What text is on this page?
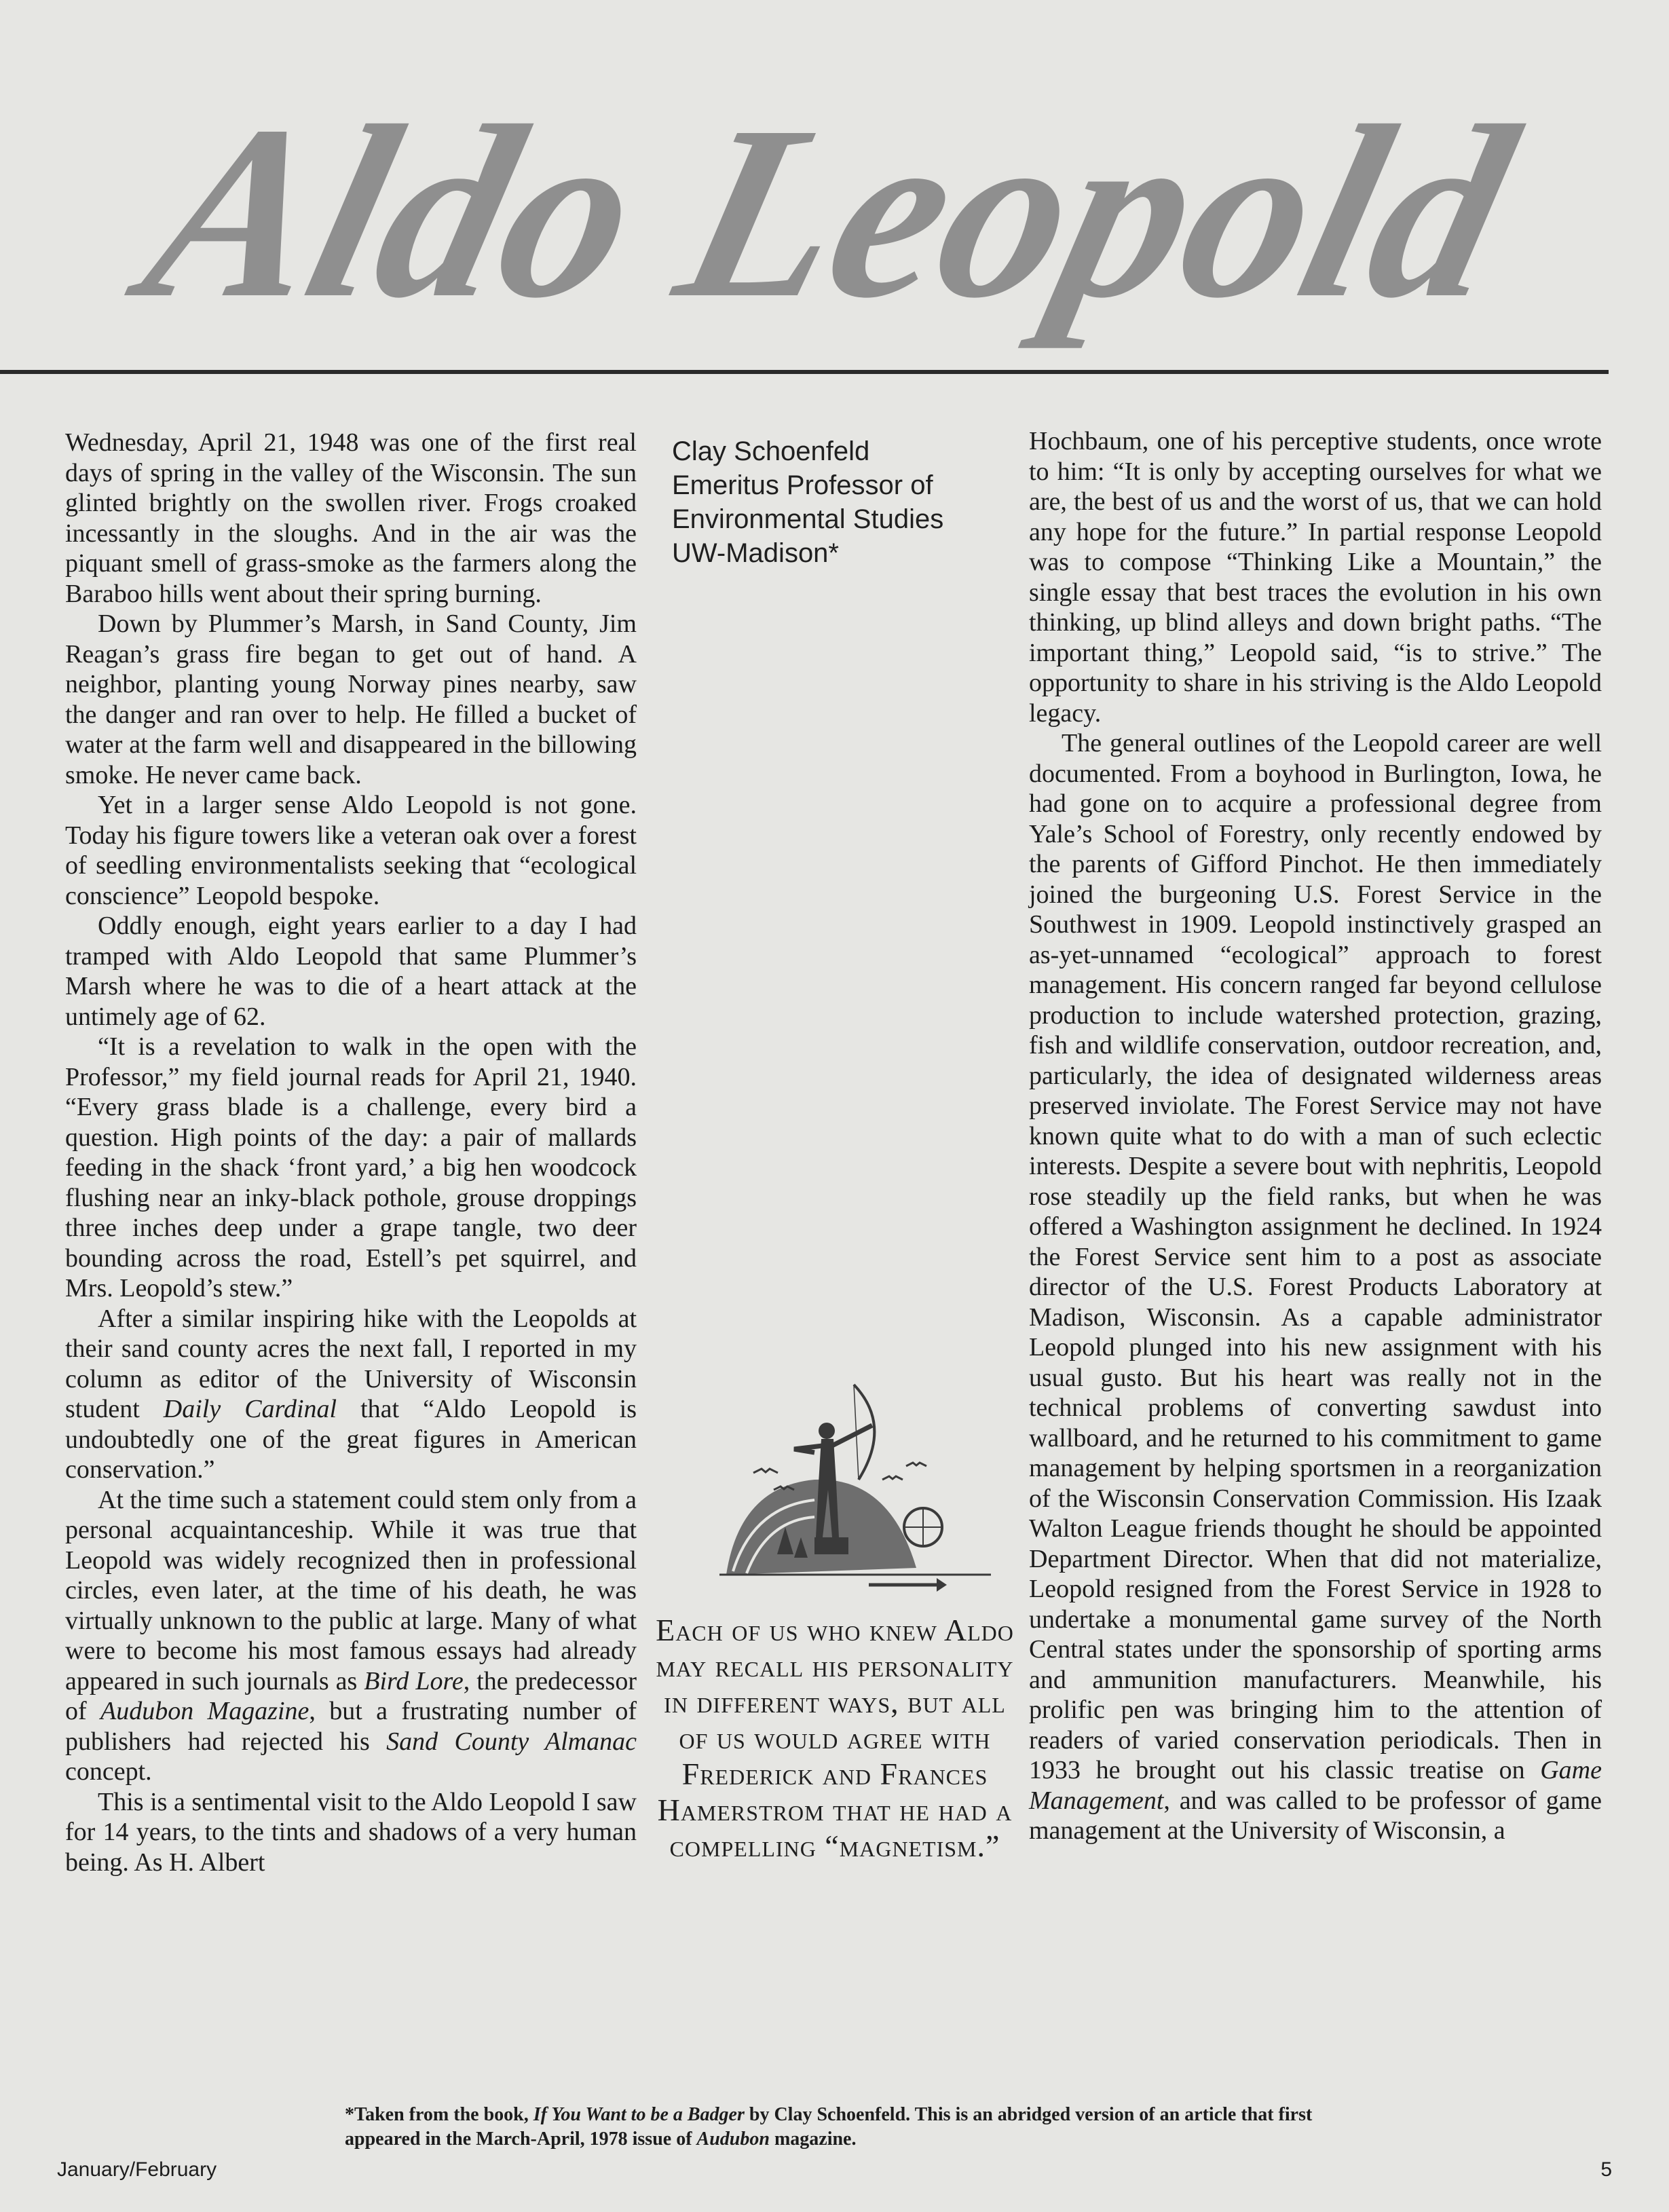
Aldo Leopold

Wednesday, April 21, 1948 was one of the first real days of spring in the valley of the Wisconsin. The sun glinted brightly on the swollen river. Frogs croaked incessantly in the sloughs. And in the air was the piquant smell of grass-smoke as the farmers along the Baraboo hills went about their spring burning.

Down by Plummer’s Marsh, in Sand County, Jim Reagan’s grass fire began to get out of hand. A neighbor, planting young Norway pines nearby, saw the danger and ran over to help. He filled a bucket of water at the farm well and disappeared in the billowing smoke. He never came back.

Yet in a larger sense Aldo Leopold is not gone. Today his figure towers like a veteran oak over a forest of seedling environmentalists seeking that “ecological conscience” Leopold bespoke.

Oddly enough, eight years earlier to a day I had tramped with Aldo Leopold that same Plummer’s Marsh where he was to die of a heart attack at the untimely age of 62.

“It is a revelation to walk in the open with the Professor,” my field journal reads for April 21, 1940. “Every grass blade is a challenge, every bird a question. High points of the day: a pair of mallards feeding in the shack ‘front yard,’ a big hen woodcock flushing near an inky-black pothole, grouse droppings three inches deep under a grape tangle, two deer bounding across the road, Estell’s pet squirrel, and Mrs. Leopold’s stew.”

After a similar inspiring hike with the Leopolds at their sand county acres the next fall, I reported in my column as editor of the University of Wisconsin student Daily Cardinal that “Aldo Leopold is undoubtedly one of the great figures in American conservation.”

At the time such a statement could stem only from a personal acquaintanceship. While it was true that Leopold was widely recognized then in professional circles, even later, at the time of his death, he was virtually unknown to the public at large. Many of what were to become his most famous essays had already appeared in such journals as Bird Lore, the predecessor of Audubon Magazine, but a frustrating number of publishers had rejected his Sand County Almanac concept.

This is a sentimental visit to the Aldo Leopold I saw for 14 years, to the tints and shadows of a very human being. As H. Albert

Clay Schoenfeld
Emeritus Professor of
Environmental Studies
UW-Madison*
Each of us who knew Aldo may recall his personality in different ways, but all of us would agree with Frederick and Frances Hamerstrom that he had a compelling “magnetism.”

Hochbaum, one of his perceptive students, once wrote to him: “It is only by accepting ourselves for what we are, the best of us and the worst of us, that we can hold any hope for the future.” In partial response Leopold was to compose “Thinking Like a Mountain,” the single essay that best traces the evolution in his own thinking, up blind alleys and down bright paths. “The important thing,” Leopold said, “is to strive.” The opportunity to share in his striving is the Aldo Leopold legacy.

The general outlines of the Leopold career are well documented. From a boyhood in Burlington, Iowa, he had gone on to acquire a professional degree from Yale’s School of Forestry, only recently endowed by the parents of Gifford Pinchot. He then immediately joined the burgeoning U.S. Forest Service in the Southwest in 1909. Leopold instinctively grasped an as-yet-unnamed “ecological” approach to forest management. His concern ranged far beyond cellulose production to include watershed protection, grazing, fish and wildlife conservation, outdoor recreation, and, particularly, the idea of designated wilderness areas preserved inviolate. The Forest Service may not have known quite what to do with a man of such eclectic interests. Despite a severe bout with nephritis, Leopold rose steadily up the field ranks, but when he was offered a Washington assignment he declined. In 1924 the Forest Service sent him to a post as associate director of the U.S. Forest Products Laboratory at Madison, Wisconsin. As a capable administrator Leopold plunged into his new assignment with his usual gusto. But his heart was really not in the technical problems of converting sawdust into wallboard, and he returned to his commitment to game management by helping sportsmen in a reorganization of the Wisconsin Conservation Commission. His Izaak Walton League friends thought he should be appointed Department Director. When that did not materialize, Leopold resigned from the Forest Service in 1928 to undertake a monumental game survey of the North Central states under the sponsorship of sporting arms and ammunition manufacturers. Meanwhile, his prolific pen was bringing him to the attention of readers of varied conservation periodicals. Then in 1933 he brought out his classic treatise on Game Management, and was called to be professor of game management at the University of Wisconsin, a

*Taken from the book, If You Want to be a Badger by Clay Schoenfeld. This is an abridged version of an article that first appeared in the March-April, 1978 issue of Audubon magazine.
January/February	5
